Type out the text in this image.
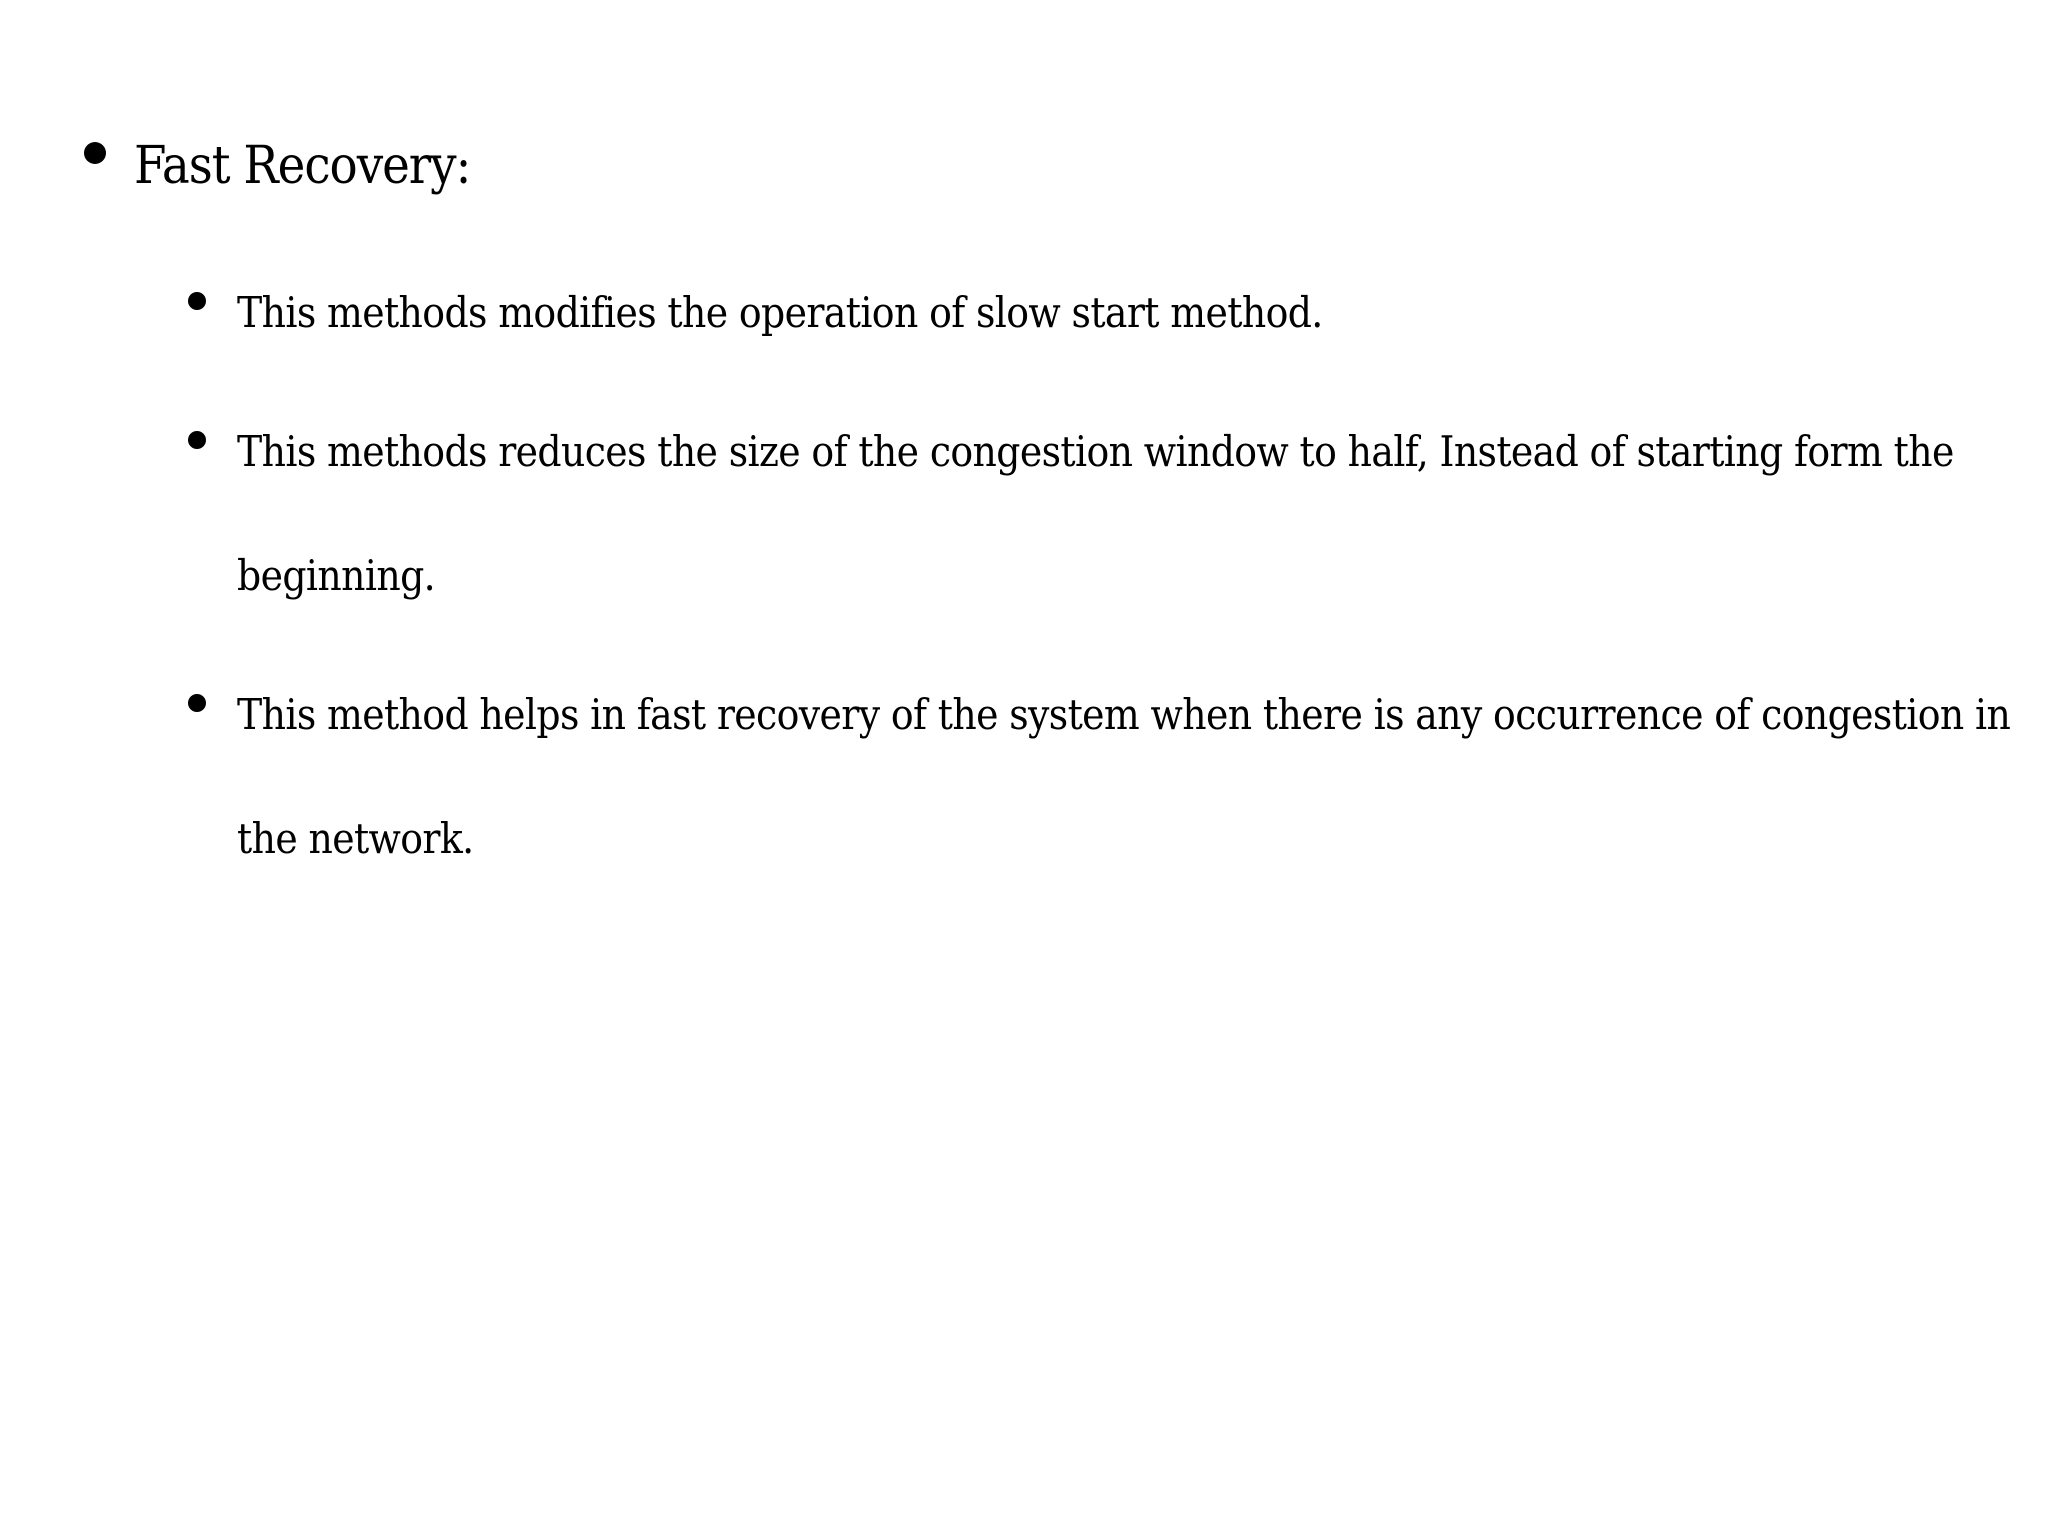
Fast Recovery:
This methods modifies the operation of slow start method.
This methods reduces the size of the congestion window to half, Instead of starting form the beginning.
This method helps in fast recovery of the system when there is any occurrence of congestion in the network.
